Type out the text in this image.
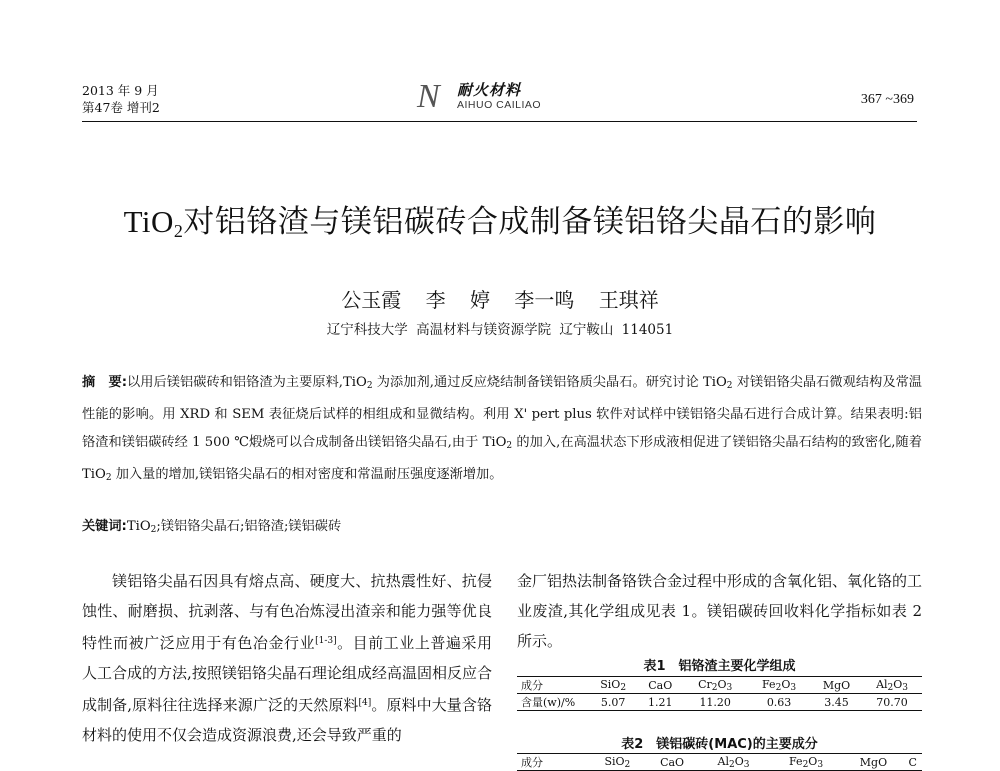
2013 年 9 月
第47卷 增刊2	N 耐火材料
AIHUO CAILIAO	367 ~369
TiO$_2$对铝铬渣与镁铝碳砖合成制备镁铝铬尖晶石的影响
公玉霞 李 婷 李一鸣 王琪祥
辽宁科技大学 高温材料与镁资源学院 辽宁鞍山 114051
摘　要:以用后镁铝碳砖和铝铬渣为主要原料,TiO$_2$ 为添加剂,通过反应烧结制备镁铝铬质尖晶石。研究讨论 TiO$_2$ 对镁铝铬尖晶石微观结构及常温性能的影响。用 XRD 和 SEM 表征烧后试样的相组成和显微结构。利用 X' pert plus 软件对试样中镁铝铬尖晶石进行合成计算。结果表明:铝铬渣和镁铝碳砖经 1 500 ℃煅烧可以合成制备出镁铝铬尖晶石,由于 TiO$_2$ 的加入,在高温状态下形成液相促进了镁铝铬尖晶石结构的致密化,随着 TiO$_2$ 加入量的增加,镁铝铬尖晶石的相对密度和常温耐压强度逐渐增加。
关键词:TiO$_2$;镁铝铬尖晶石;铝铬渣;镁铝碳砖

镁铝铬尖晶石因具有熔点高、硬度大、抗热震性好、抗侵蚀性、耐磨损、抗剥落、与有色冶炼浸出渣亲和能力强等优良特性而被广泛应用于有色冶金行业[1-3]。目前工业上普遍采用人工合成的方法,按照镁铝铬尖晶石理论组成经高温固相反应合成制备,原料往往选择来源广泛的天然原料[4]。原料中大量含铬材料的使用不仅会造成资源浪费,还会导致严重的

金厂铝热法制备铬铁合金过程中形成的含氧化铝、氧化铬的工业废渣,其化学组成见表 1。镁铝碳砖回收料化学指标如表 2 所示。

表1　铝铬渣主要化学组成
成分	SiO$_2$	CaO	$Cr_2O_3$	$Fe_2O_3$	MgO	$Al_2O_3$
含量(w)/%	5.07	1.21	11.20	0.63	3.45	70.70
表2　镁铝碳砖(MAC)的主要成分
成分	SiO$_2$	CaO	$Al_2O_3$	$Fe_2O_3$	MgO	C
